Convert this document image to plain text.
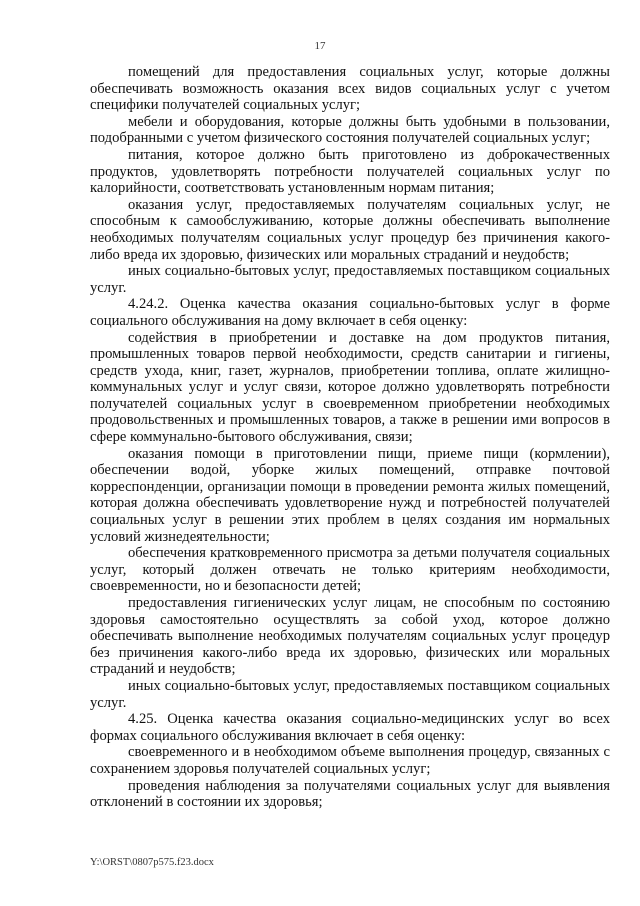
17

помещений для предоставления социальных услуг, которые должны обеспечивать возможность оказания всех видов социальных услуг с учетом специфики получателей социальных услуг;

мебели и оборудования, которые должны быть удобными в пользовании, подобранными с учетом физического состояния получателей социальных услуг;

питания, которое должно быть приготовлено из доброкачественных продуктов, удовлетворять потребности получателей социальных услуг по калорийности, соответствовать установленным нормам питания;

оказания услуг, предоставляемых получателям социальных услуг, не способным к самообслуживанию, которые должны обеспечивать выполнение необходимых получателям социальных услуг процедур без причинения какого-либо вреда их здоровью, физических или моральных страданий и неудобств;

иных социально-бытовых услуг, предоставляемых поставщиком социальных услуг.

4.24.2. Оценка качества оказания социально-бытовых услуг в форме социального обслуживания на дому включает в себя оценку:

содействия в приобретении и доставке на дом продуктов питания, промышленных товаров первой необходимости, средств санитарии и гигиены, средств ухода, книг, газет, журналов, приобретении топлива, оплате жилищно-коммунальных услуг и услуг связи, которое должно удовлетворять потребности получателей социальных услуг в своевременном приобретении необходимых продовольственных и промышленных товаров, а также в решении ими вопросов в сфере коммунально-бытового обслуживания, связи;

оказания помощи в приготовлении пищи, приеме пищи (кормлении), обеспечении водой, уборке жилых помещений, отправке почтовой корреспонденции, организации помощи в проведении ремонта жилых помещений, которая должна обеспечивать удовлетворение нужд и потребностей получателей социальных услуг в решении этих проблем в целях создания им нормальных условий жизнедеятельности;

обеспечения кратковременного присмотра за детьми получателя социальных услуг, который должен отвечать не только критериям необходимости, своевременности, но и безопасности детей;

предоставления гигиенических услуг лицам, не способным по состоянию здоровья самостоятельно осуществлять за собой уход, которое должно обеспечивать выполнение необходимых получателям социальных услуг процедур без причинения какого-либо вреда их здоровью, физических или моральных страданий и неудобств;

иных социально-бытовых услуг, предоставляемых поставщиком социальных услуг.

4.25. Оценка качества оказания социально-медицинских услуг во всех формах социального обслуживания включает в себя оценку:

своевременного и в необходимом объеме выполнения процедур, связанных с сохранением здоровья получателей социальных услуг;

проведения наблюдения за получателями социальных услуг для выявления отклонений в состоянии их здоровья;

Y:\ORST\0807p575.f23.docx
